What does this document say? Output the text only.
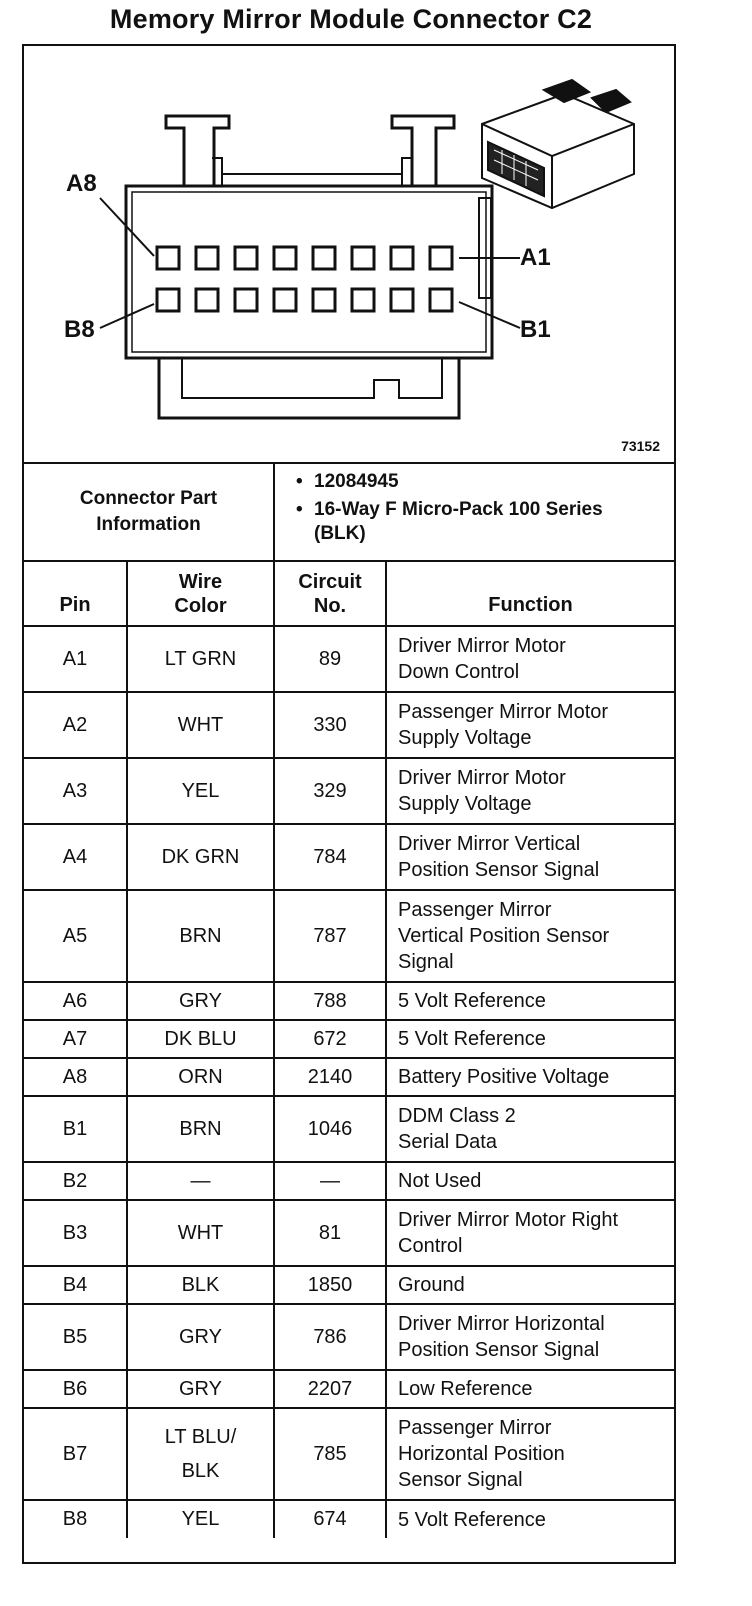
Memory Mirror Module Connector C2
A8
A1
B8	B1
73152
Connector Part Information
• 12084945
• 16-Way F Micro-Pack 100 Series (BLK)
Pin	Wire Color	Circuit No.	Function
A1	LT GRN	89	Driver Mirror Motor
Down Control

A2	WHT	330	Passenger Mirror Motor
Supply Voltage

A3	YEL	329	Driver Mirror Motor
Supply Voltage

A4	DK GRN	784	Driver Mirror Vertical
Position Sensor Signal

A5	BRN	787	Passenger Mirror
Vertical Position Sensor
Signal

A6	GRY	788	5 Volt Reference

A7	DK BLU	672	5 Volt Reference

A8	ORN	2140	Battery Positive Voltage

B1	BRN	1046	DDM Class 2
Serial Data

B2	—	—	Not Used

B3	WHT	81	Driver Mirror Motor Right
Control

B4	BLK	1850	Ground

B5	GRY	786	Driver Mirror Horizontal
Position Sensor Signal

B6	GRY	2207	Low Reference

B7	LT BLU/ BLK	785	Passenger Mirror
Horizontal Position
Sensor Signal

B8	YEL	674	5 Volt Reference
